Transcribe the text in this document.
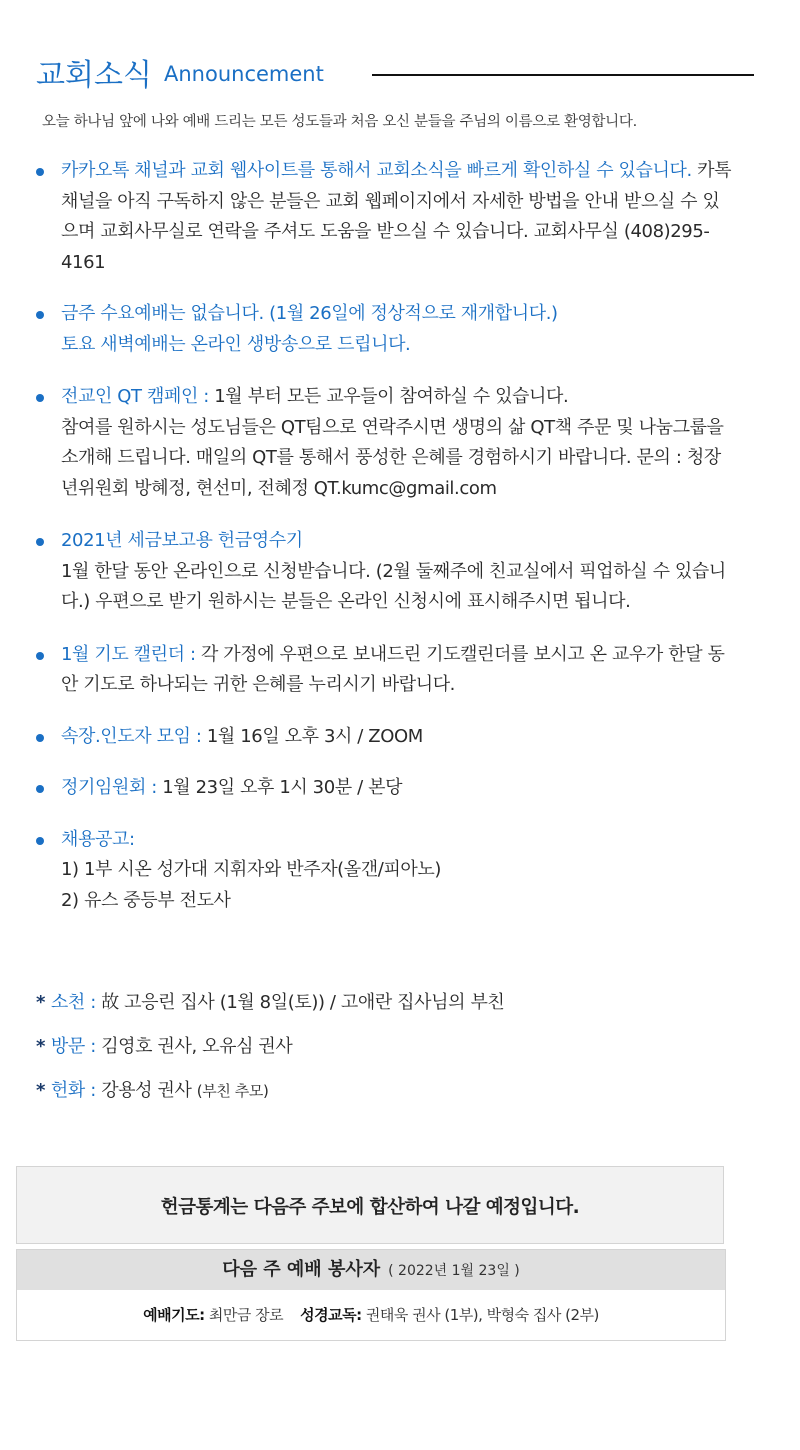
교회소식 Announcement
오늘 하나님 앞에 나와 예배 드리는 모든 성도들과 처음 오신 분들을 주님의 이름으로 환영합니다.
카카오톡 채널과 교회 웹사이트를 통해서 교회소식을 빠르게 확인하실 수 있습니다. 카톡채널을 아직 구독하지 않은 분들은 교회 웹페이지에서 자세한 방법을 안내 받으실 수 있으며 교회사무실로 연락을 주셔도 도움을 받으실 수 있습니다. 교회사무실 (408)295-4161
금주 수요예배는 없습니다. (1월 26일에 정상적으로 재개합니다.)
토요 새벽예배는 온라인 생방송으로 드립니다.
전교인 QT 캠페인 : 1월 부터 모든 교우들이 참여하실 수 있습니다.
참여를 원하시는 성도님들은 QT팀으로 연락주시면 생명의 삶 QT책 주문 및 나눔그룹을 소개해 드립니다. 매일의 QT를 통해서 풍성한 은혜를 경험하시기 바랍니다. 문의 : 청장년위원회 방혜정, 현선미, 전혜정 QT.kumc@gmail.com
2021년 세금보고용 헌금영수기
1월 한달 동안 온라인으로 신청받습니다. (2월 둘째주에 친교실에서 픽업하실 수 있습니다.) 우편으로 받기 원하시는 분들은 온라인 신청시에 표시해주시면 됩니다.
1월 기도 캘린더 : 각 가정에 우편으로 보내드린 기도캘린더를 보시고 온 교우가 한달 동안 기도로 하나되는 귀한 은혜를 누리시기 바랍니다.
속장.인도자 모임 : 1월 16일 오후 3시 / ZOOM
정기임원회 : 1월 23일 오후 1시 30분 / 본당
채용공고:
1) 1부 시온 성가대 지휘자와 반주자(올갠/피아노)
2) 유스 중등부 전도사
* 소천 : 故 고응린 집사 (1월 8일(토)) / 고애란 집사님의 부친
* 방문 : 김영호 권사, 오유심 권사
* 헌화 : 강용성 권사 (부친 추모)
헌금통계는 다음주 주보에 합산하여 나갈 예정입니다.
다음 주 예배 봉사자 ( 2022년 1월 23일 )
예배기도: 최만금 장로 성경교독: 권태욱 권사 (1부), 박형숙 집사 (2부)
